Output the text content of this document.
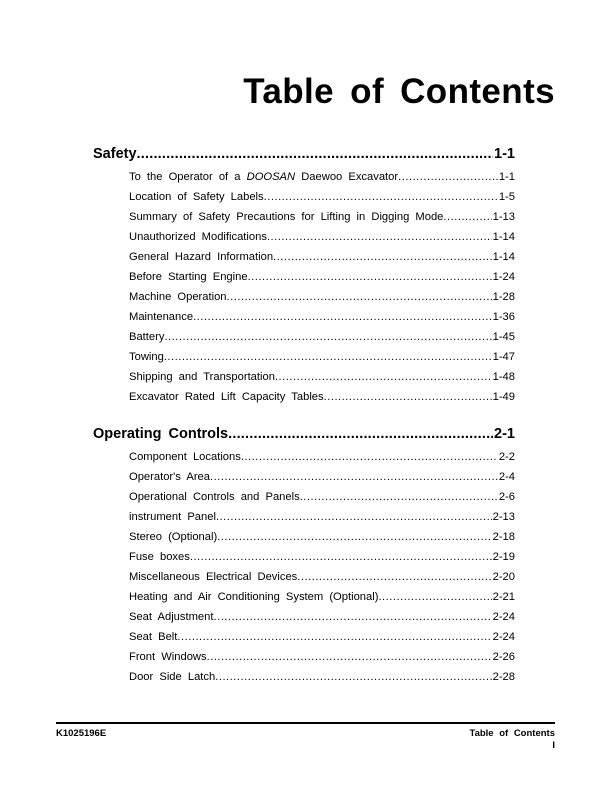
Table of Contents
Safety .....	1-1
To the Operator of a DOOSAN Daewoo Excavator .....	1-1
Location of Safety Labels .....	1-5
Summary of Safety Precautions for Lifting in Digging Mode .....	1-13
Unauthorized Modifications .....	1-14
General Hazard Information .....	1-14
Before Starting Engine .....	1-24
Machine Operation .....	1-28
Maintenance .....	1-36
Battery .....	1-45
Towing .....	1-47
Shipping and Transportation .....	1-48
Excavator Rated Lift Capacity Tables .....	1-49
Operating Controls .....	2-1
Component Locations .....	2-2
Operator's Area .....	2-4
Operational Controls and Panels .....	2-6
instrument Panel .....	2-13
Stereo (Optional) .....	2-18
Fuse boxes .....	2-19
Miscellaneous Electrical Devices .....	2-20
Heating and Air Conditioning System (Optional) .....	2-21
Seat Adjustment .....	2-24
Seat Belt .....	2-24
Front Windows .....	2-26
Door Side Latch .....	2-28
K1025196E	Table of Contents
I
